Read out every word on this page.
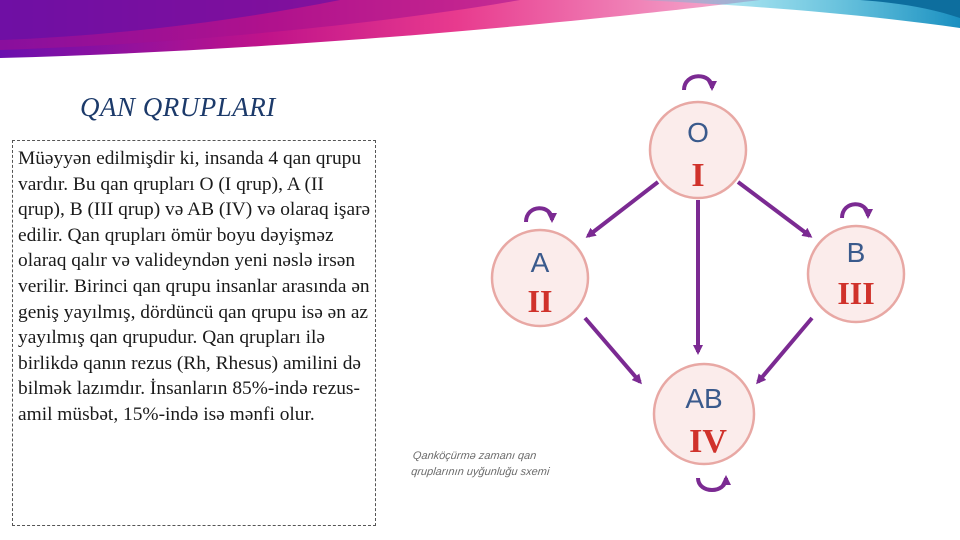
QAN QRUPLARI
Müəyyən edilmişdir ki, insanda 4 qan qrupu vardır. Bu qan qrupları O (I qrup), A (II qrup), B (III qrup) və AB (IV) və olaraq işarə edilir. Qan qrupları ömür boyu dəyişməz olaraq qalır və valideyndən yeni nəslə irsən verilir. Birinci qan qrupu insanlar arasında ən geniş yayılmış, dördüncü qan qrupu isə ən az yayılmış qan qrupudur. Qan qrupları ilə birlikdə qanın rezus (Rh, Rhesus) amilini də bilmək lazımdır. İnsanların 85%-ində rezus-amil müsbət, 15%-ində isə mənfi olur.
O
I
A
II
B
III
AB
IV
Qanköçürmə zamanı qan
qruplarının uyğunluğu sxemi
